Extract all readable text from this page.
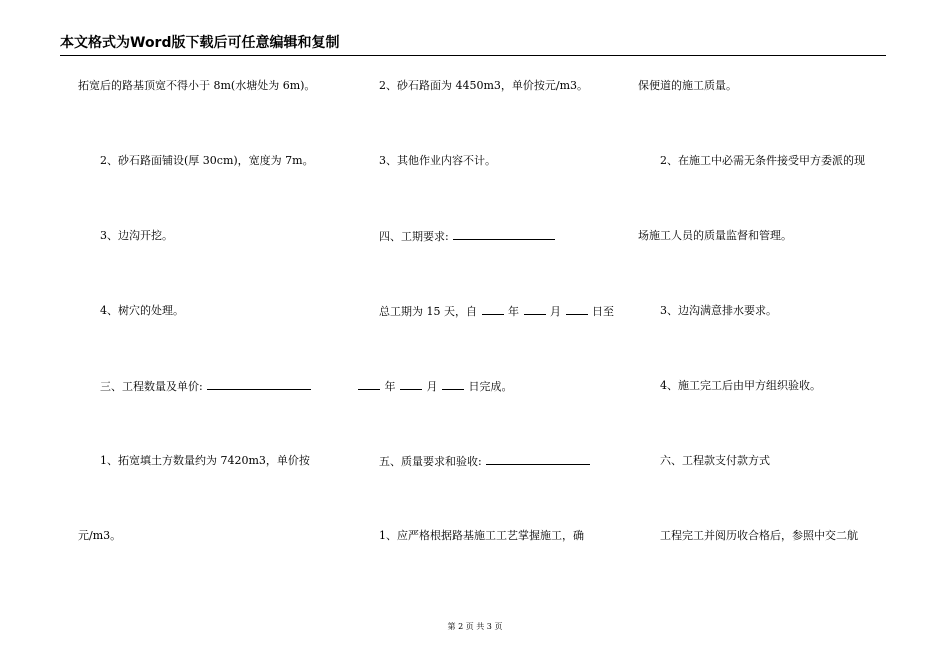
本文格式为Word版下载后可任意编辑和复制
拓宽后的路基顶宽不得小于 8m(水塘处为 6m)。
2、砂石路面铺设(厚 30cm)，宽度为 7m。
3、边沟开挖。
4、树穴的处理。
三、工程数量及单价:
1、拓宽填土方数量约为 7420m3，单价按
元/m3。
2、砂石路面为 4450m3，单价按元/m3。
3、其他作业内容不计。
四、工期要求:
总工期为 15 天，自	年	月	日至
年	月	日完成。
五、质量要求和验收:
1、应严格根据路基施工工艺掌握施工，确
保便道的施工质量。
2、在施工中必需无条件接受甲方委派的现
场施工人员的质量监督和管理。
3、边沟满意排水要求。
4、施工完工后由甲方组织验收。
六、工程款支付款方式
工程完工并阅历收合格后，参照中交二航
第 2 页 共 3 页
